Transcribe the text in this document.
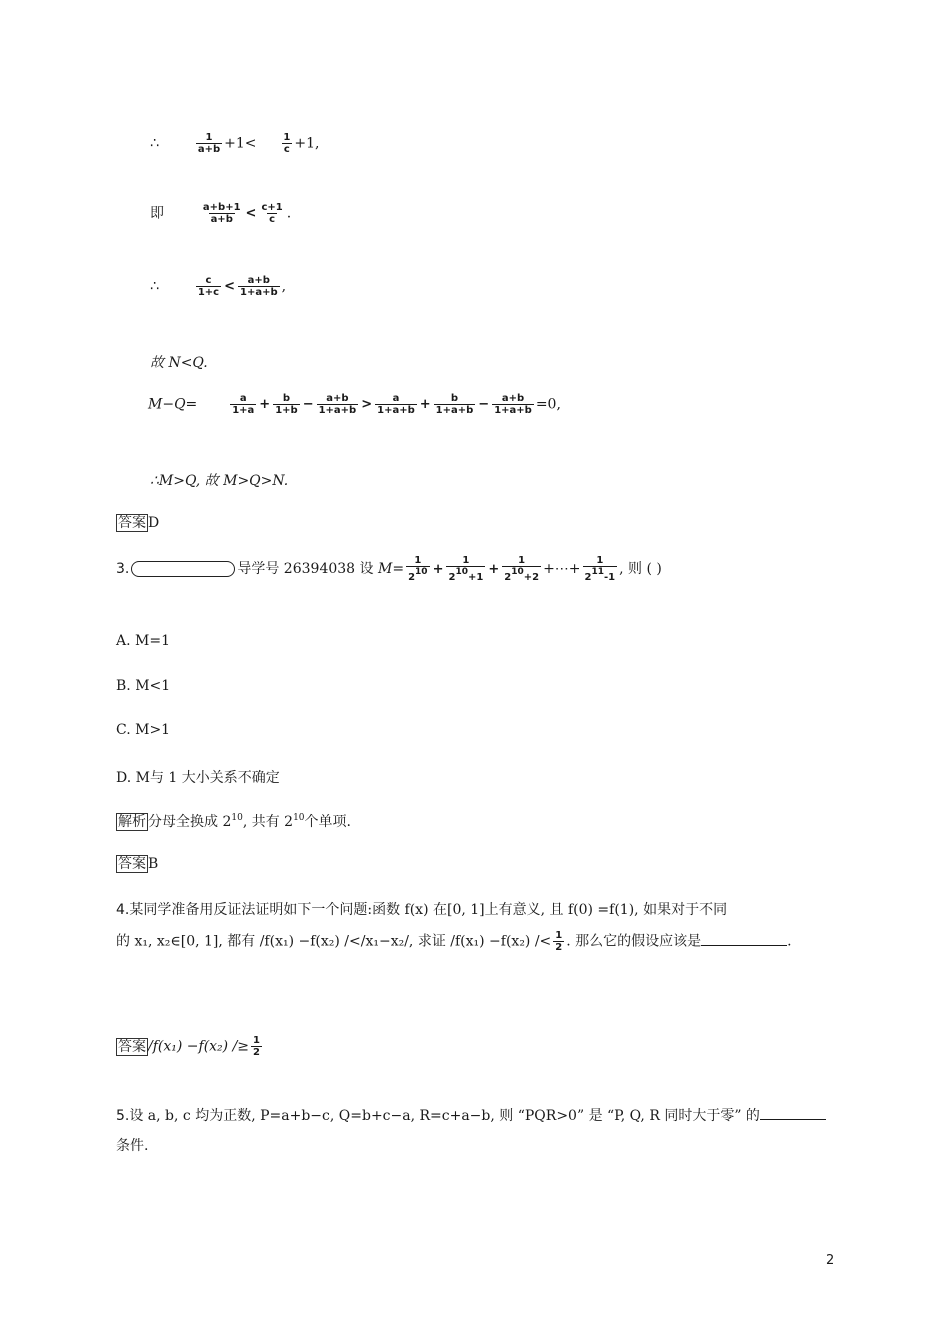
∴	$\frac{1}{a+b} +1< \frac{1}{c} +1$,
即	$\frac{a+b+1}{a+b} < \frac{c+1}{c}$ .
∴	$\frac{c}{1+c} < \frac{a+b}{1+a+b}$ ,
故 N<Q.
M−Q=	$\frac{a}{1+a} + \frac{b}{1+b} - \frac{a+b}{1+a+b} > \frac{a}{1+a+b} + \frac{b}{1+a+b} - \frac{a+b}{1+a+b} =0$,
∴M>Q, 故 M>Q>N.
答案 D
3.	导学号 26394038 设 $M= \frac{1}{210} + \frac{1}{210+1} + \frac{1}{210+2}$ +⋯+ $\frac{1}{211-1}$ , 则 ( )
A. M=1
B. M<1
C. M>1
D. M与 1 大小关系不确定
解析 分母全换成 $2^{10}$, 共有 $2^{10}$个单项.
答案 B
4.某同学准备用反证法证明如下一个问题:函数 f(x) 在[0, 1]上有意义, 且 f(0) =f(1), 如果对于不同
的 x₁, x₂∈[0, 1], 都有 /f(x₁) −f(x₂) /</x₁−x₂/, 求证 $/f(x_1) -f(x_2) /< \frac{1}{2}$ . 那么它的假设应该是	.
答案 $/f(x_1) -f(x_2) /\ge \frac{1}{2}$
5.设 a, b, c 均为正数, P=a+b−c, Q=b+c−a, R=c+a−b, 则 “PQR>0” 是 “P, Q, R 同时大于零” 的
条件.
2
